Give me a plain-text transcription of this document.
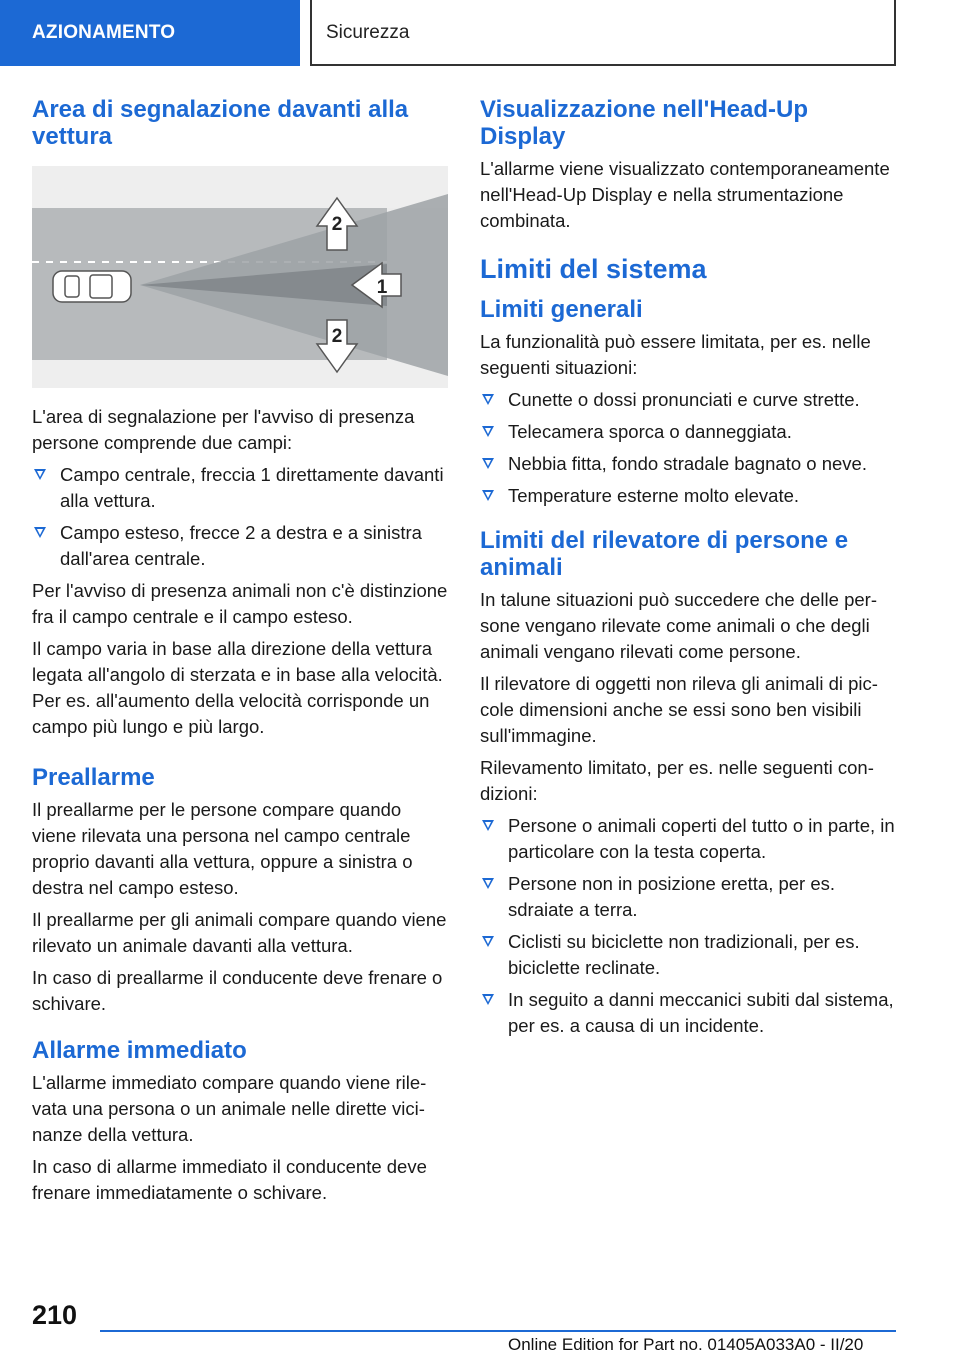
AZIONAMENTO	Sicurezza
Area di segnalazione davanti alla vettura
2
1
2

L'area di segnalazione per l'avviso di presenza persone comprende due campi:

Campo centrale, freccia 1 direttamente davanti alla vettura.
Campo esteso, frecce 2 a destra e a sinistra dall'area centrale.

Per l'avviso di presenza animali non c'è distinzione fra il campo centrale e il campo esteso.

Il campo varia in base alla direzione della vettura legata all'angolo di sterzata e in base alla velocità. Per es. all'aumento della velocità corrisponde un campo più lungo e più largo.

Preallarme

Il preallarme per le persone compare quando viene rilevata una persona nel campo centrale proprio davanti alla vettura, oppure a sinistra o destra nel campo esteso.

Il preallarme per gli animali compare quando viene rilevato un animale davanti alla vettura.

In caso di preallarme il conducente deve frenare o schivare.

Allarme immediato

L'allarme immediato compare quando viene rilevata una persona o un animale nelle dirette vicinanze della vettura.

In caso di allarme immediato il conducente deve frenare immediatamente o schivare.

Visualizzazione nell'Head-Up Display

L'allarme viene visualizzato contemporaneamente nell'Head-Up Display e nella strumentazione combinata.

Limiti del sistema
Limiti generali

La funzionalità può essere limitata, per es. nelle seguenti situazioni:

Cunette o dossi pronunciati e curve strette.
Telecamera sporca o danneggiata.
Nebbia fitta, fondo stradale bagnato o neve.
Temperature esterne molto elevate.
Limiti del rilevatore di persone e animali

In talune situazioni può succedere che delle persone vengano rilevate come animali o che degli animali vengano rilevati come persone.

Il rilevatore di oggetti non rileva gli animali di piccole dimensioni anche se essi sono ben visibili sull'immagine.

Rilevamento limitato, per es. nelle seguenti condizioni:

Persone o animali coperti del tutto o in parte, in particolare con la testa coperta.
Persone non in posizione eretta, per es. sdraiate a terra.
Ciclisti su biciclette non tradizionali, per es. biciclette reclinate.
In seguito a danni meccanici subiti dal sistema, per es. a causa di un incidente.
210
Online Edition for Part no. 01405A033A0 - II/20
